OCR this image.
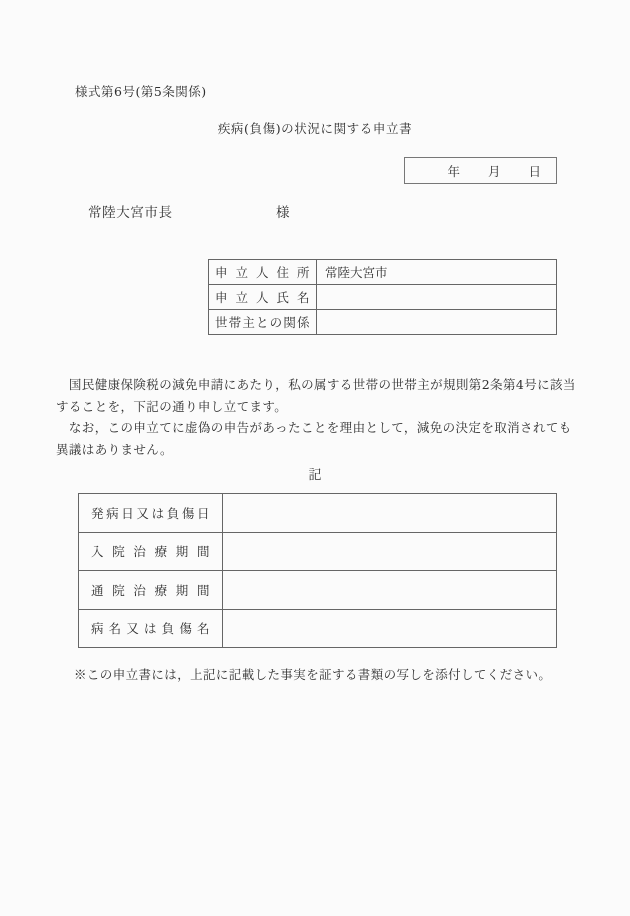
様式第6号(第5条関係)
疾病(負傷)の状況に関する申立書
年 月 日
常陸大宮市長	様
申立人住所	常陸大宮市
申立人氏名	
世帯主との関係	
　国民健康保険税の減免申請にあたり，私の属する世帯の世帯主が規則第2条第4号に該当
することを，下記の通り申し立てます。
　なお，この申立てに虚偽の申告があったことを理由として，減免の決定を取消されても
異議はありません。
記
発病日又は負傷日	
入院治療期間	
通院治療期間	
病名又は負傷名	
※この申立書には，上記に記載した事実を証する書類の写しを添付してください。
